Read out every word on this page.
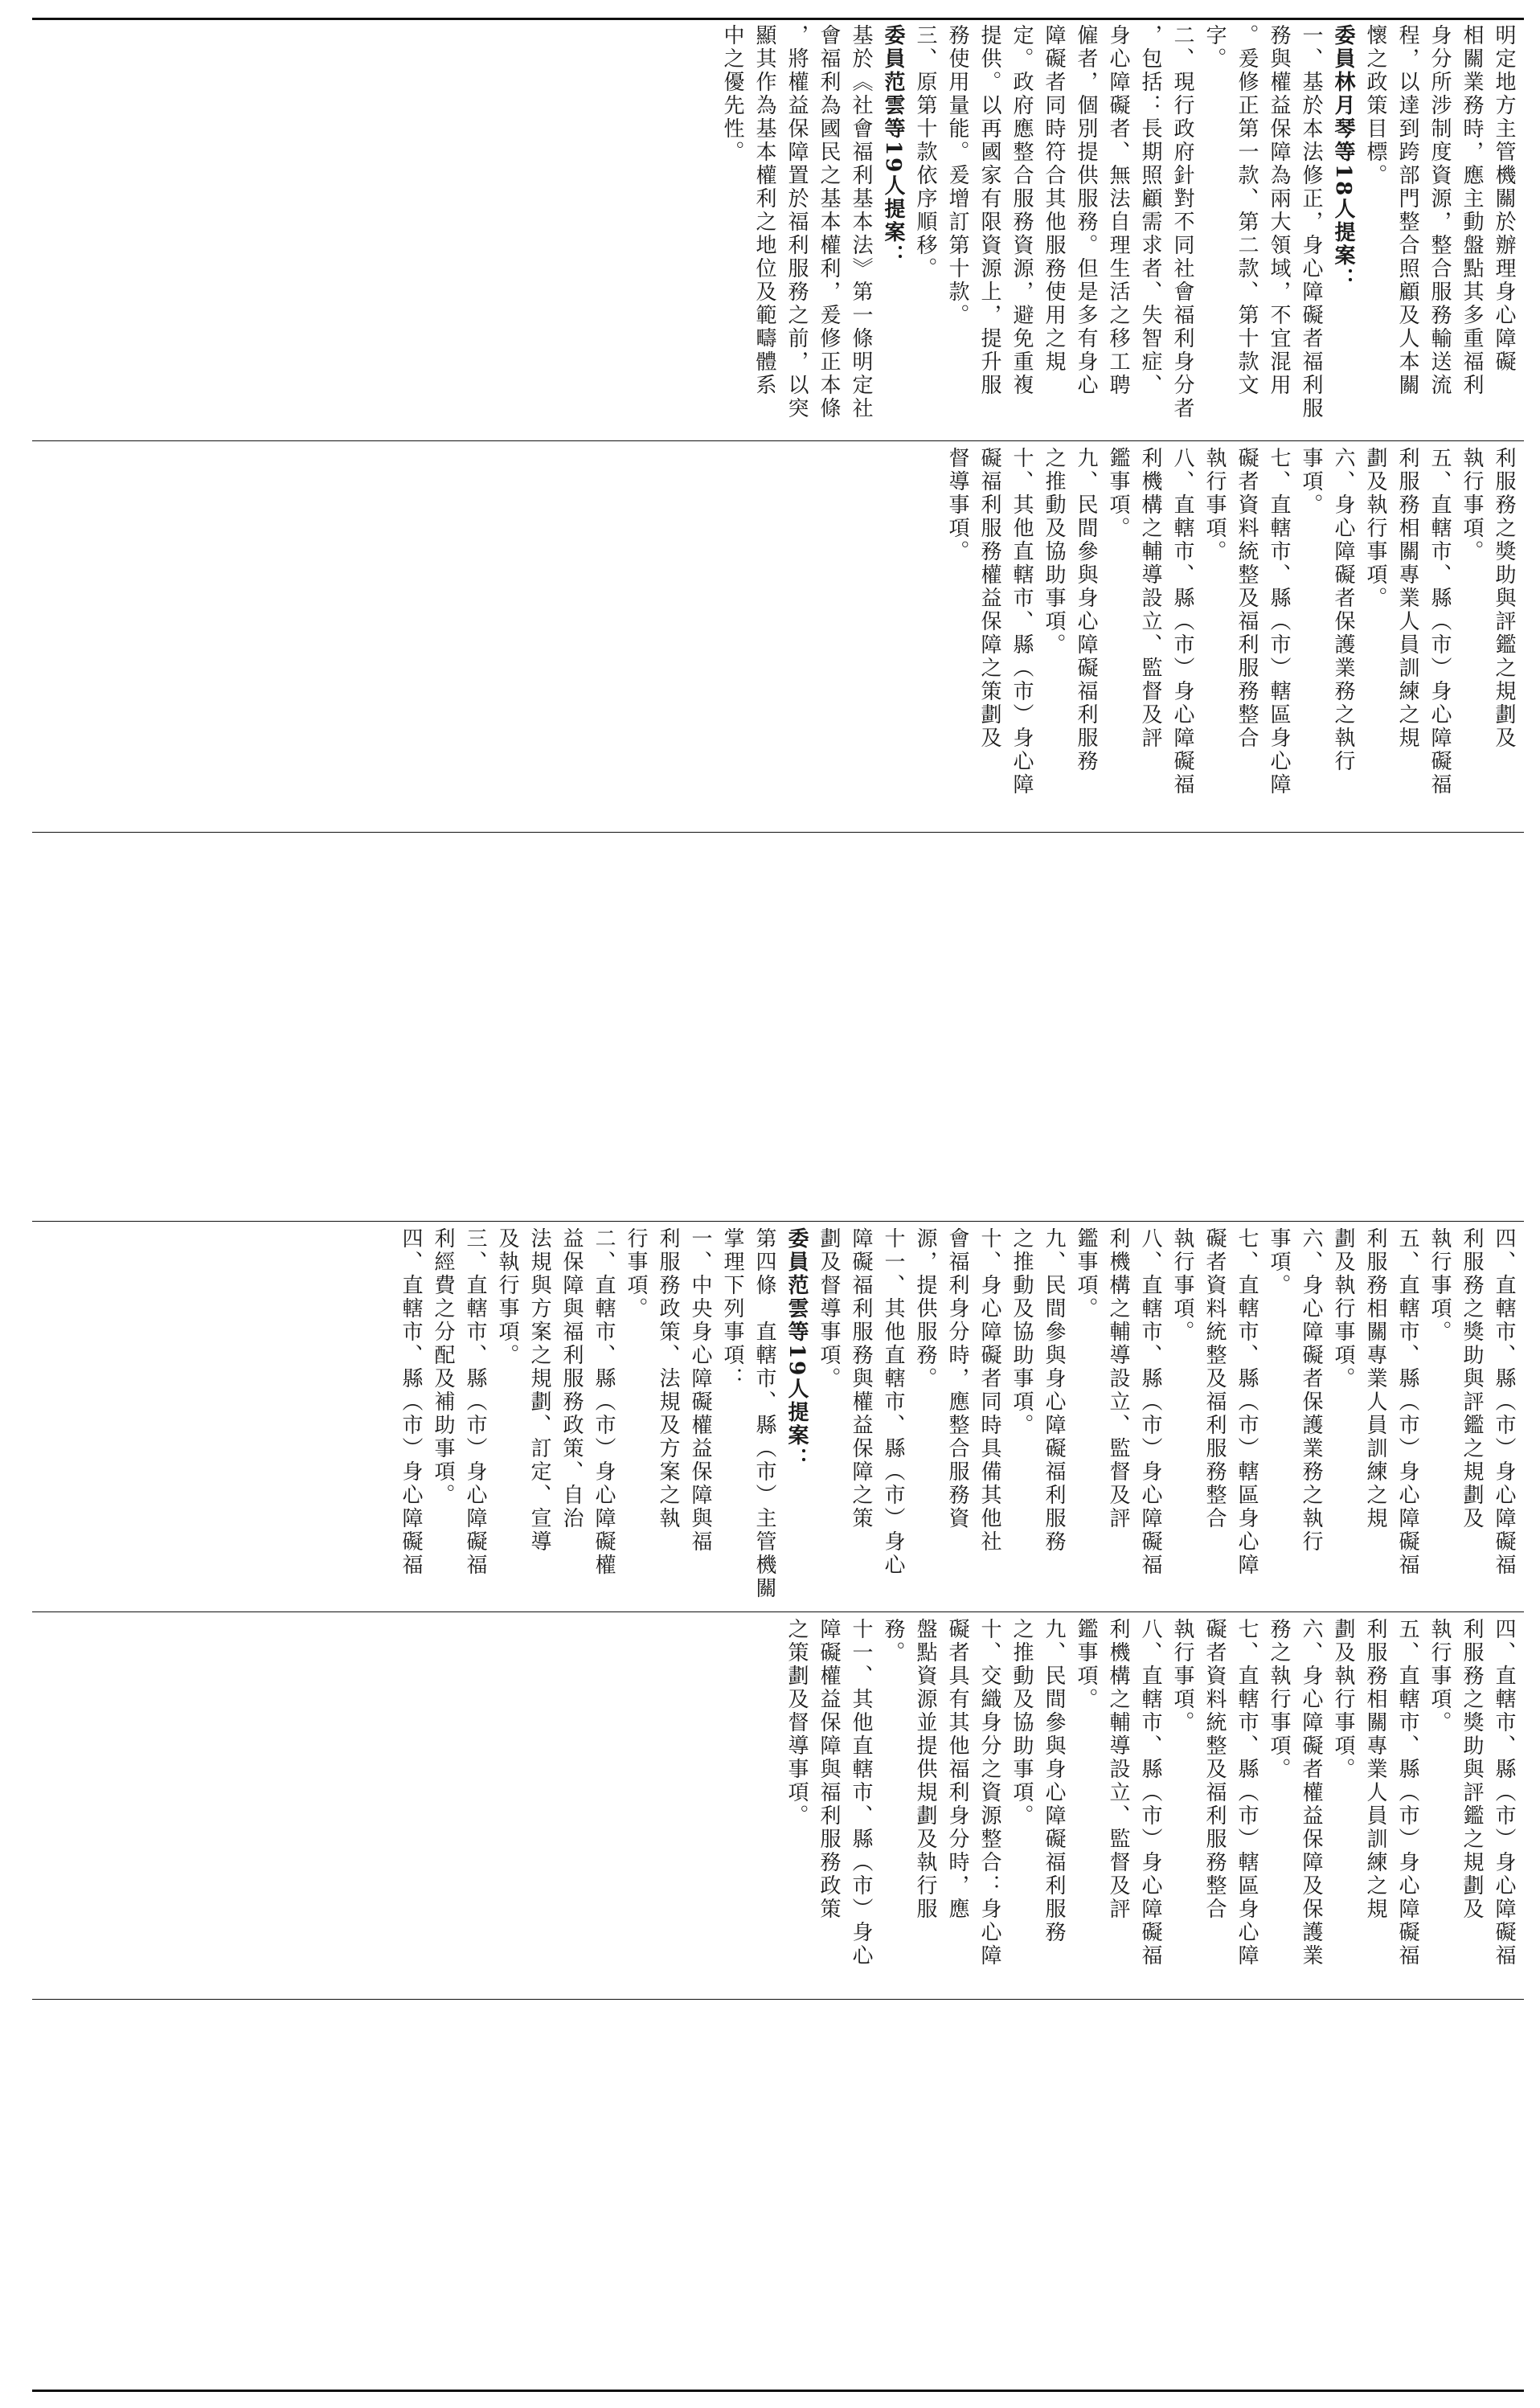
明定地方主管機關於辦理身心障礙
相關業務時，應主動盤點其多重福利
身分所涉制度資源，整合服務輸送流
程，以達到跨部門整合照顧及人本關
懷之政策目標。
委員林月琴等18人提案：
一、基於本法修正，身心障礙者福利服
務與權益保障為兩大領域，不宜混用
。爰修正第一款、第二款、第十款文
字。
二、現行政府針對不同社會福利身分者
，包括：長期照顧需求者、失智症、
身心障礙者、無法自理生活之移工聘
僱者，個別提供服務。但是多有身心
障礙者同時符合其他服務使用之規
定。政府應整合服務資源，避免重複
提供。以再國家有限資源上，提升服
務使用量能。爰增訂第十款。
三、原第十款依序順移。
委員范雲等19人提案：
基於《社會福利基本法》第一條明定社
會福利為國民之基本權利，爰修正本條
，將權益保障置於福利服務之前，以突
顯其作為基本權利之地位及範疇體系
中之優先性。
利服務之獎助與評鑑之規劃及
執行事項。
五、直轄市、縣（市）身心障礙福
利服務相關專業人員訓練之規
劃及執行事項。
六、身心障礙者保護業務之執行
事項。
七、直轄市、縣（市）轄區身心障
礙者資料統整及福利服務整合
執行事項。
八、直轄市、縣（市）身心障礙福
利機構之輔導設立、監督及評
鑑事項。
九、民間參與身心障礙福利服務
之推動及協助事項。
十、其他直轄市、縣（市）身心障
礙福利服務權益保障之策劃及
督導事項。
四、直轄市、縣（市）身心障礙福
利服務之獎助與評鑑之規劃及
執行事項。
五、直轄市、縣（市）身心障礙福
利服務相關專業人員訓練之規
劃及執行事項。
六、身心障礙者保護業務之執行
事項。
七、直轄市、縣（市）轄區身心障
礙者資料統整及福利服務整合
執行事項。
八、直轄市、縣（市）身心障礙福
利機構之輔導設立、監督及評
鑑事項。
九、民間參與身心障礙福利服務
之推動及協助事項。
十、身心障礙者同時具備其他社
會福利身分時，應整合服務資
源，提供服務。
十一、其他直轄市、縣（市）身心
障礙福利服務與權益保障之策
劃及督導事項。
委員范雲等19人提案：
第四條　直轄市、縣（市）主管機關
掌理下列事項：
一、中央身心障礙權益保障與福
利服務政策、法規及方案之執
行事項。
二、直轄市、縣（市）身心障礙權
益保障與福利服務政策、自治
法規與方案之規劃、訂定、宣導
及執行事項。
三、直轄市、縣（市）身心障礙福
利經費之分配及補助事項。
四、直轄市、縣（市）身心障礙福
四、直轄市、縣（市）身心障礙福
利服務之獎助與評鑑之規劃及
執行事項。
五、直轄市、縣（市）身心障礙福
利服務相關專業人員訓練之規
劃及執行事項。
六、身心障礙者權益保障及保護業
務之執行事項。
七、直轄市、縣（市）轄區身心障
礙者資料統整及福利服務整合
執行事項。
八、直轄市、縣（市）身心障礙福
利機構之輔導設立、監督及評
鑑事項。
九、民間參與身心障礙福利服務
之推動及協助事項。
十、交織身分之資源整合：身心障
礙者具有其他福利身分時，應
盤點資源並提供規劃及執行服
務。
十一、其他直轄市、縣（市）身心
障礙權益保障與福利服務政策
之策劃及督導事項。
